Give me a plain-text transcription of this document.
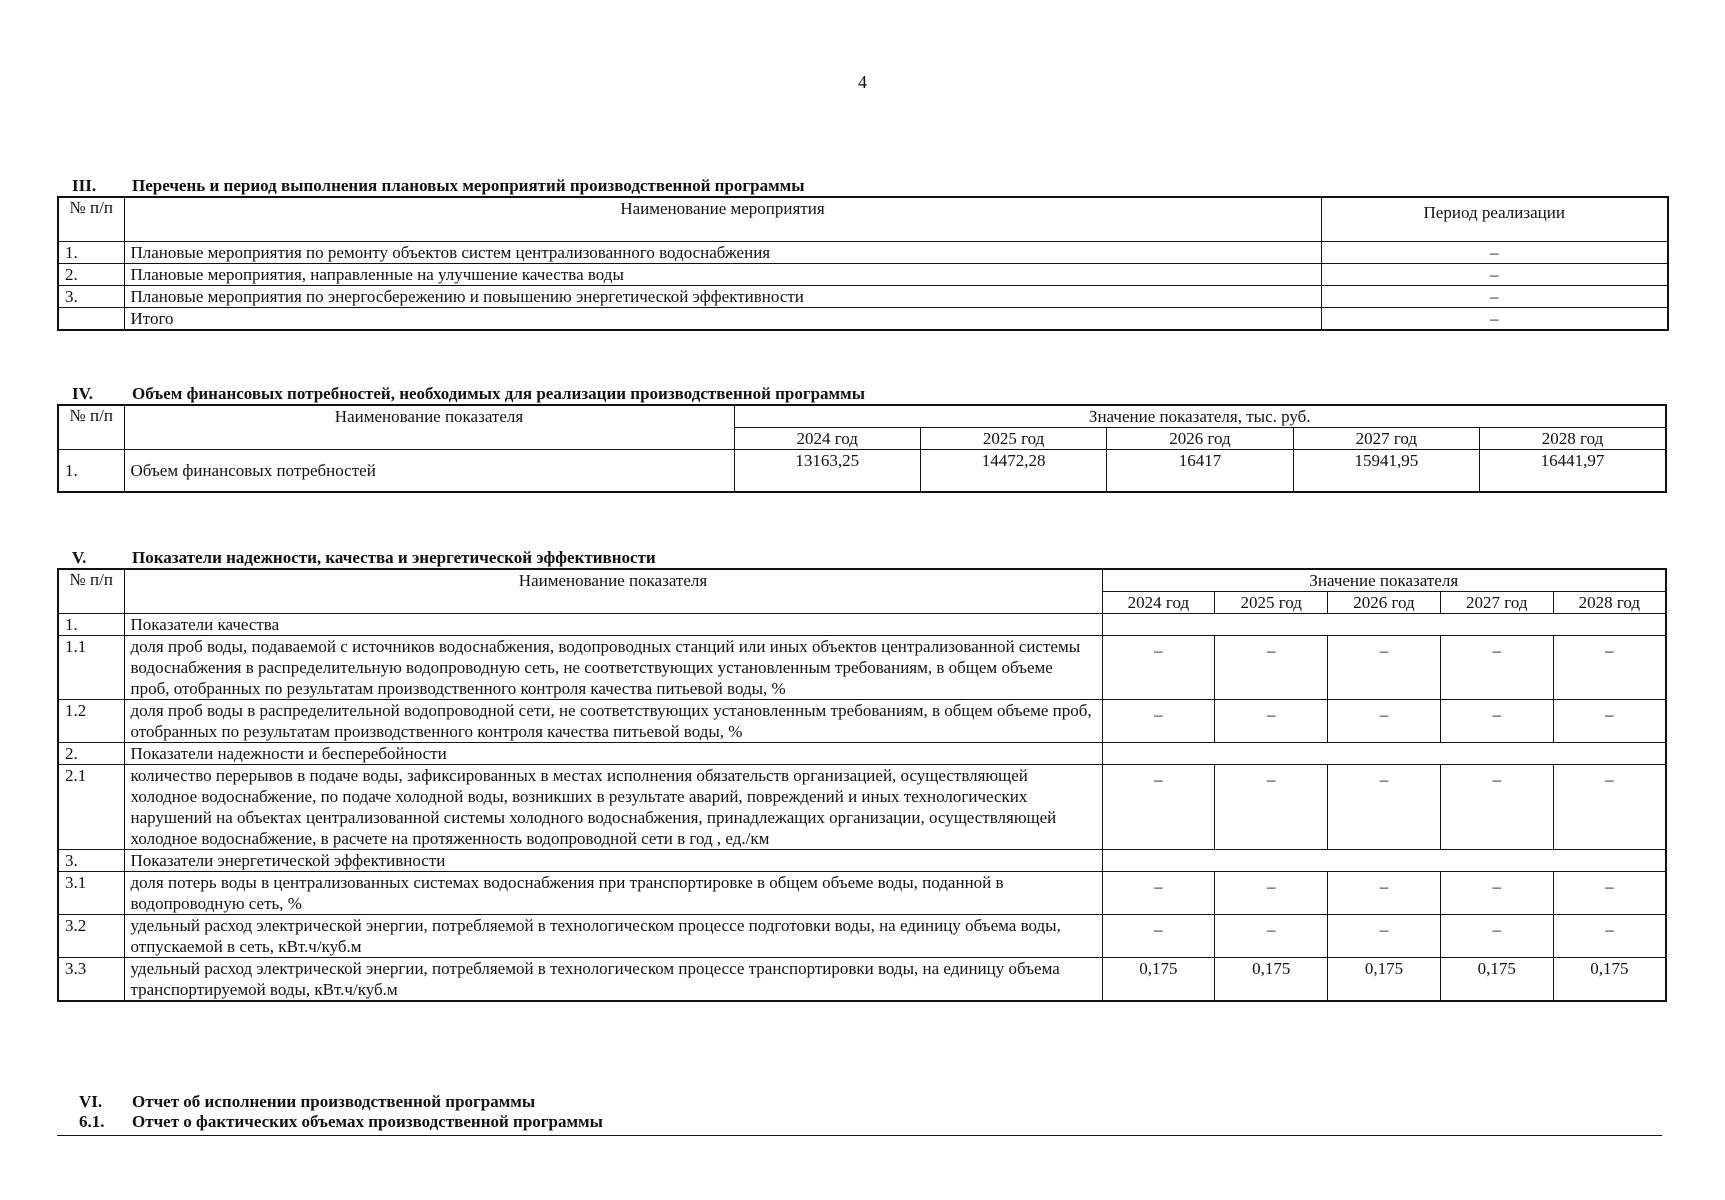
4
III. Перечень и период выполнения плановых мероприятий производственной программы
№ п/п	Наименование мероприятия	Период реализации
1.	Плановые мероприятия по ремонту объектов систем централизованного водоснабжения	–
2.	Плановые мероприятия, направленные на улучшение качества воды	–
3.	Плановые мероприятия по энергосбережению и повышению энергетической эффективности	–
	Итого	–
IV. Объем финансовых потребностей, необходимых для реализации производственной программы
№ п/п	Наименование показателя	Значение показателя, тыс. руб.				
		2024 год	2025 год	2026 год	2027 год	2028 год
1.	Объем финансовых потребностей	13163,25	14472,28	16417	15941,95	16441,97
V.	Показатели надежности, качества и энергетической эффективности
№ п/п	Наименование показателя	Значение показателя				
		2024 год	2025 год	2026 год	2027 год	2028 год
1.	Показатели качества					
1.1	доля проб воды, подаваемой с источников водоснабжения, водопроводных станций или иных объектов централизованной системы водоснабжения в распределительную водопроводную сеть, не соответствующих установленным требованиям, в общем объеме проб, отобранных по результатам производственного контроля качества питьевой воды, %	–	–	–	–	–
1.2	доля проб воды в распределительной водопроводной сети, не соответствующих установленным требованиям, в общем объеме проб, отобранных по результатам производственного контроля качества питьевой воды, %	–	–	–	–	–
2.	Показатели надежности и бесперебойности					
2.1	количество перерывов в подаче воды, зафиксированных в местах исполнения обязательств организацией, осуществляющей холодное водоснабжение, по подаче холодной воды, возникших в результате аварий, повреждений и иных технологических нарушений на объектах централизованной системы холодного водоснабжения, принадлежащих организации, осуществляющей холодное водоснабжение, в расчете на протяженность водопроводной сети в год , ед./км	–	–	–	–	–
3.	Показатели энергетической эффективности					
3.1	доля потерь воды в централизованных системах водоснабжения при транспортировке в общем объеме воды, поданной в водопроводную сеть, %	–	–	–	–	–
3.2	удельный расход электрической энергии, потребляемой в технологическом процессе подготовки воды, на единицу объема воды, отпускаемой в сеть, кВт.ч/куб.м	–	–	–	–	–
3.3	удельный расход электрической энергии, потребляемой в технологическом процессе транспортировки воды, на единицу объема транспортируемой воды, кВт.ч/куб.м	0,175	0,175	0,175	0,175	0,175
VI. Отчет об исполнении производственной программы
6.1. Отчет о фактических объемах производственной программы
